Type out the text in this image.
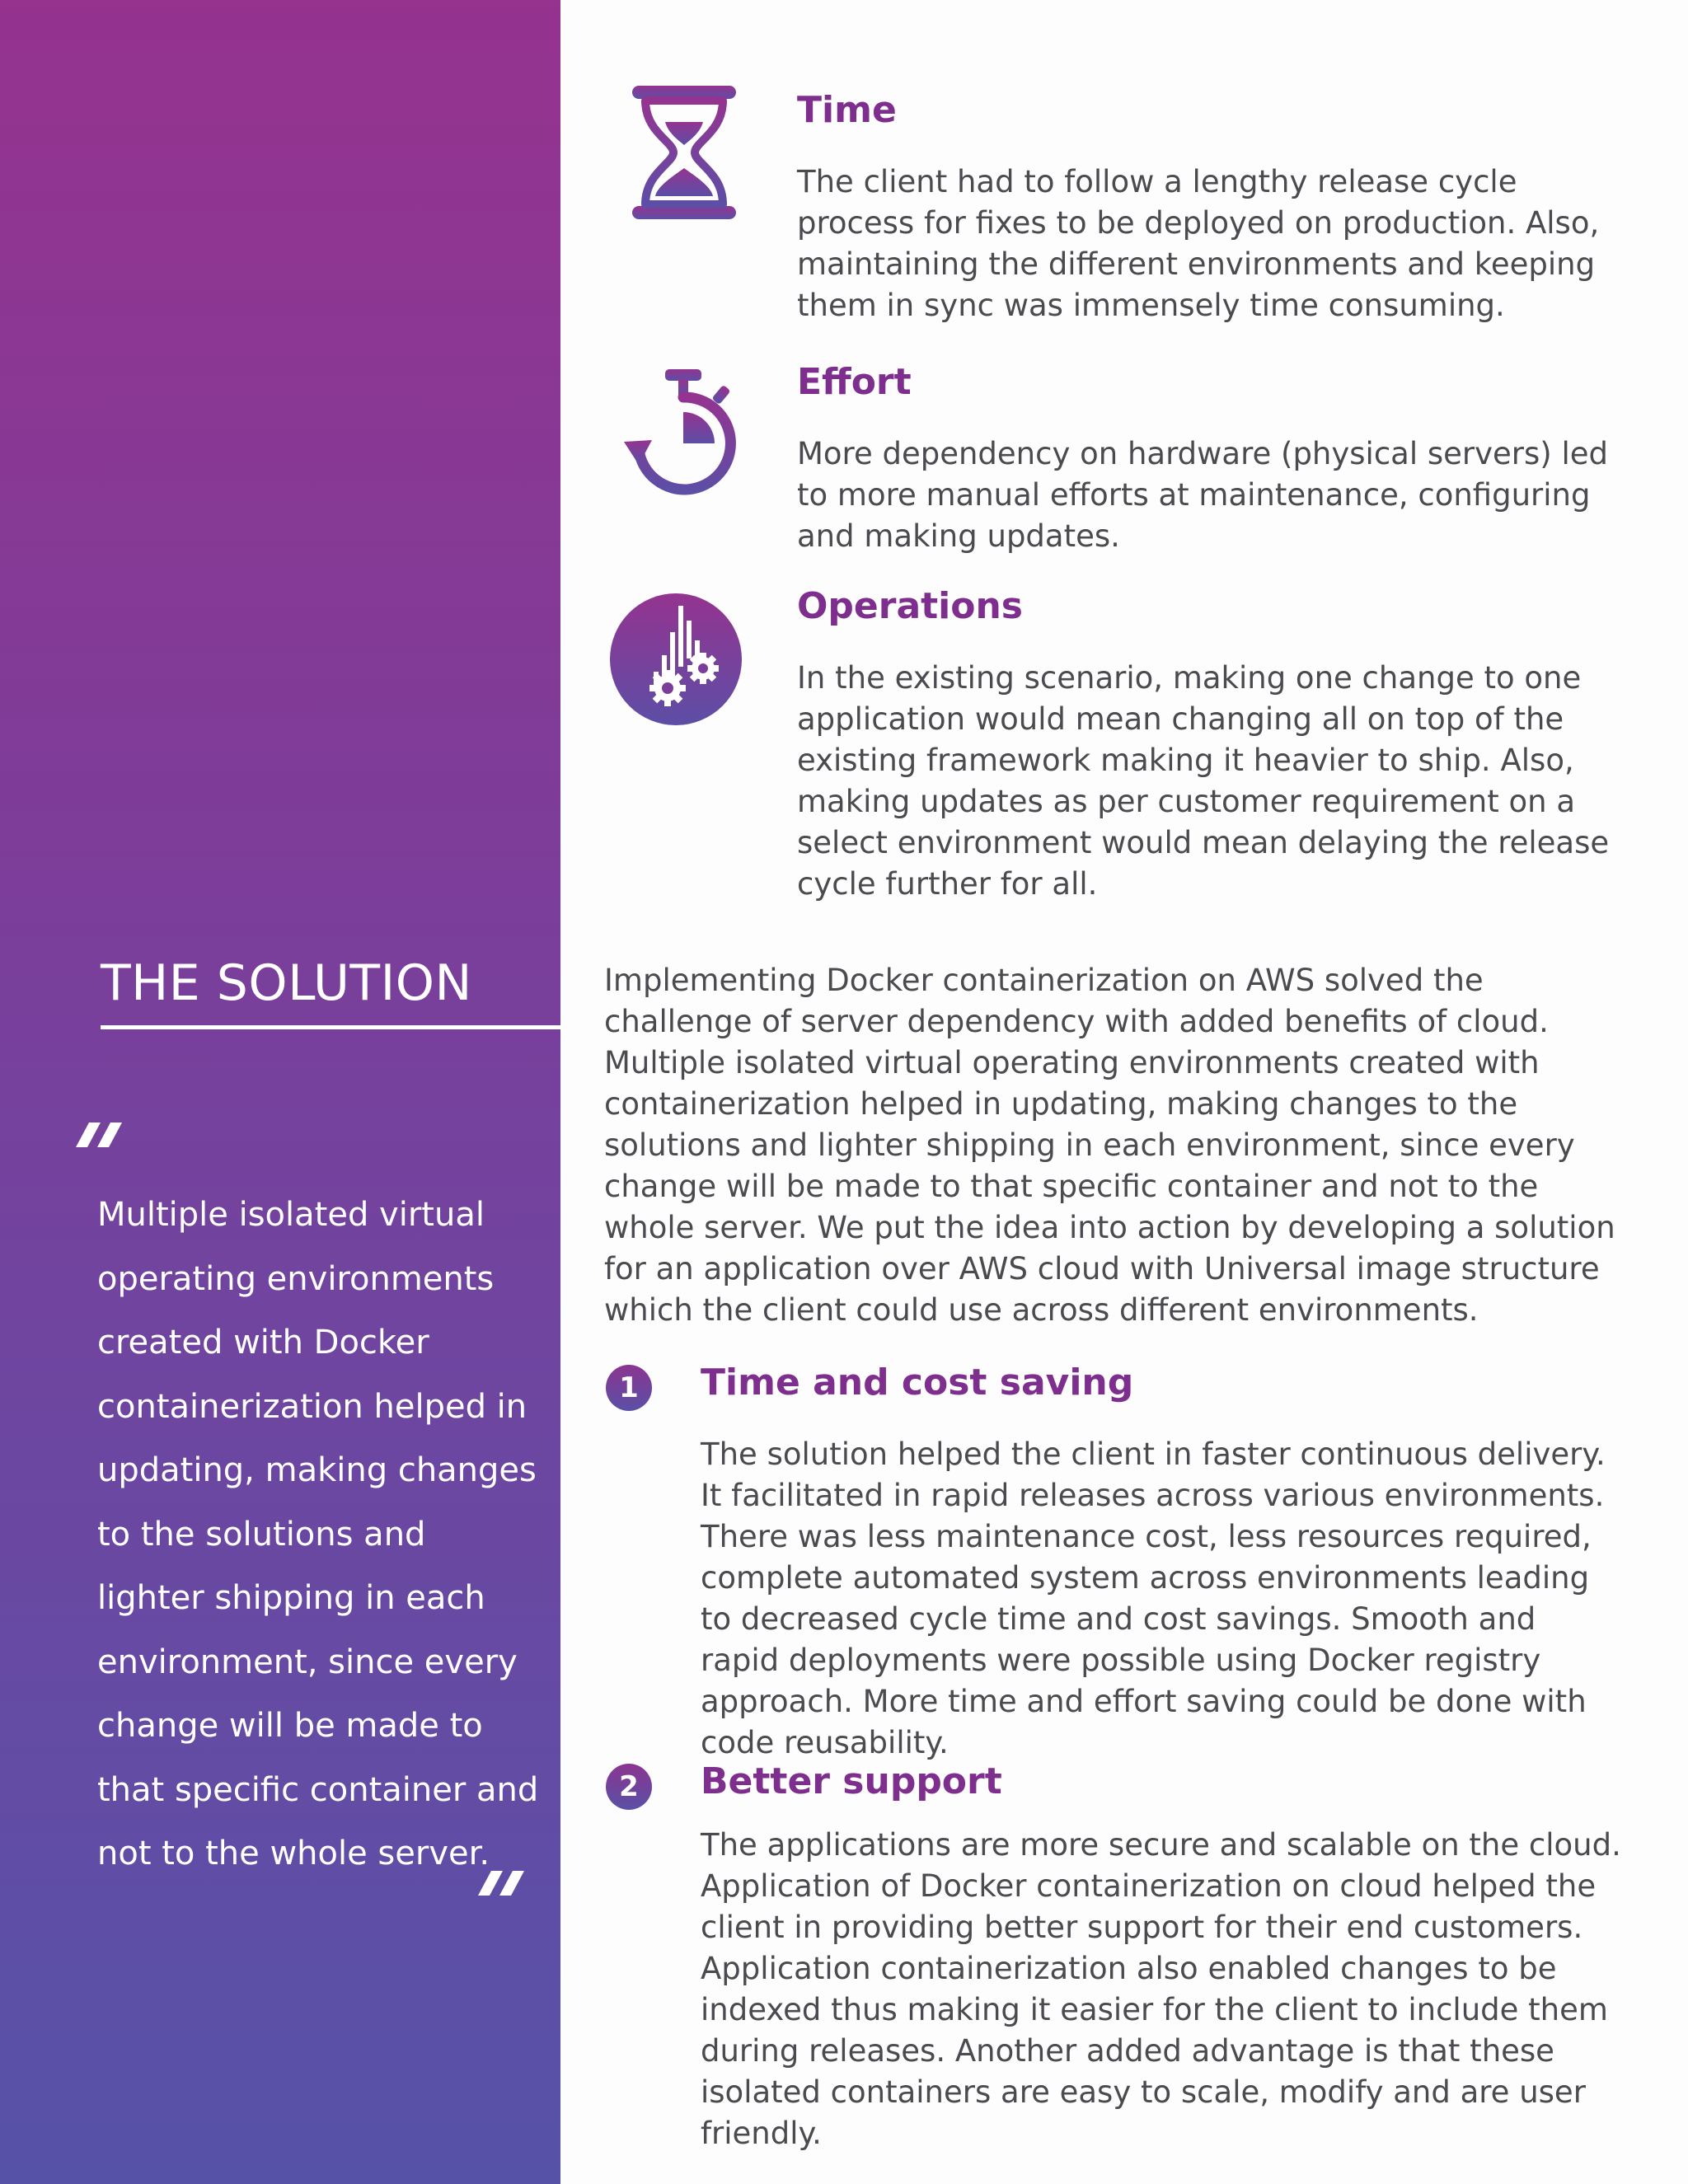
THE SOLUTION

Multiple isolated virtual operating environments created with Docker containerization helped in updating, making changes to the solutions and lighter shipping in each environment, since every change will be made to that specific container and not to the whole server.

Time

The client had to follow a lengthy release cycle process for fixes to be deployed on production. Also, maintaining the different environments and keeping them in sync was immensely time consuming.

Effort

More dependency on hardware (physical servers) led to more manual efforts at maintenance, configuring and making updates.

Operations

In the existing scenario, making one change to one application would mean changing all on top of the existing framework making it heavier to ship. Also, making updates as per customer requirement on a select environment would mean delaying the release cycle further for all.

Implementing Docker containerization on AWS solved the challenge of server dependency with added benefits of cloud. Multiple isolated virtual operating environments created with containerization helped in updating, making changes to the solutions and lighter shipping in each environment, since every change will be made to that specific container and not to the whole server. We put the idea into action by developing a solution for an application over AWS cloud with Universal image structure which the client could use across different environments.

1	Time and cost saving

The solution helped the client in faster continuous delivery. It facilitated in rapid releases across various environments. There was less maintenance cost, less resources required, complete automated system across environments leading to decreased cycle time and cost savings. Smooth and rapid deployments were possible using Docker registry approach. More time and effort saving could be done with code reusability.

2	Better support

The applications are more secure and scalable on the cloud. Application of Docker containerization on cloud helped the client in providing better support for their end customers. Application containerization also enabled changes to be indexed thus making it easier for the client to include them during releases. Another added advantage is that these isolated containers are easy to scale, modify and are user friendly.
